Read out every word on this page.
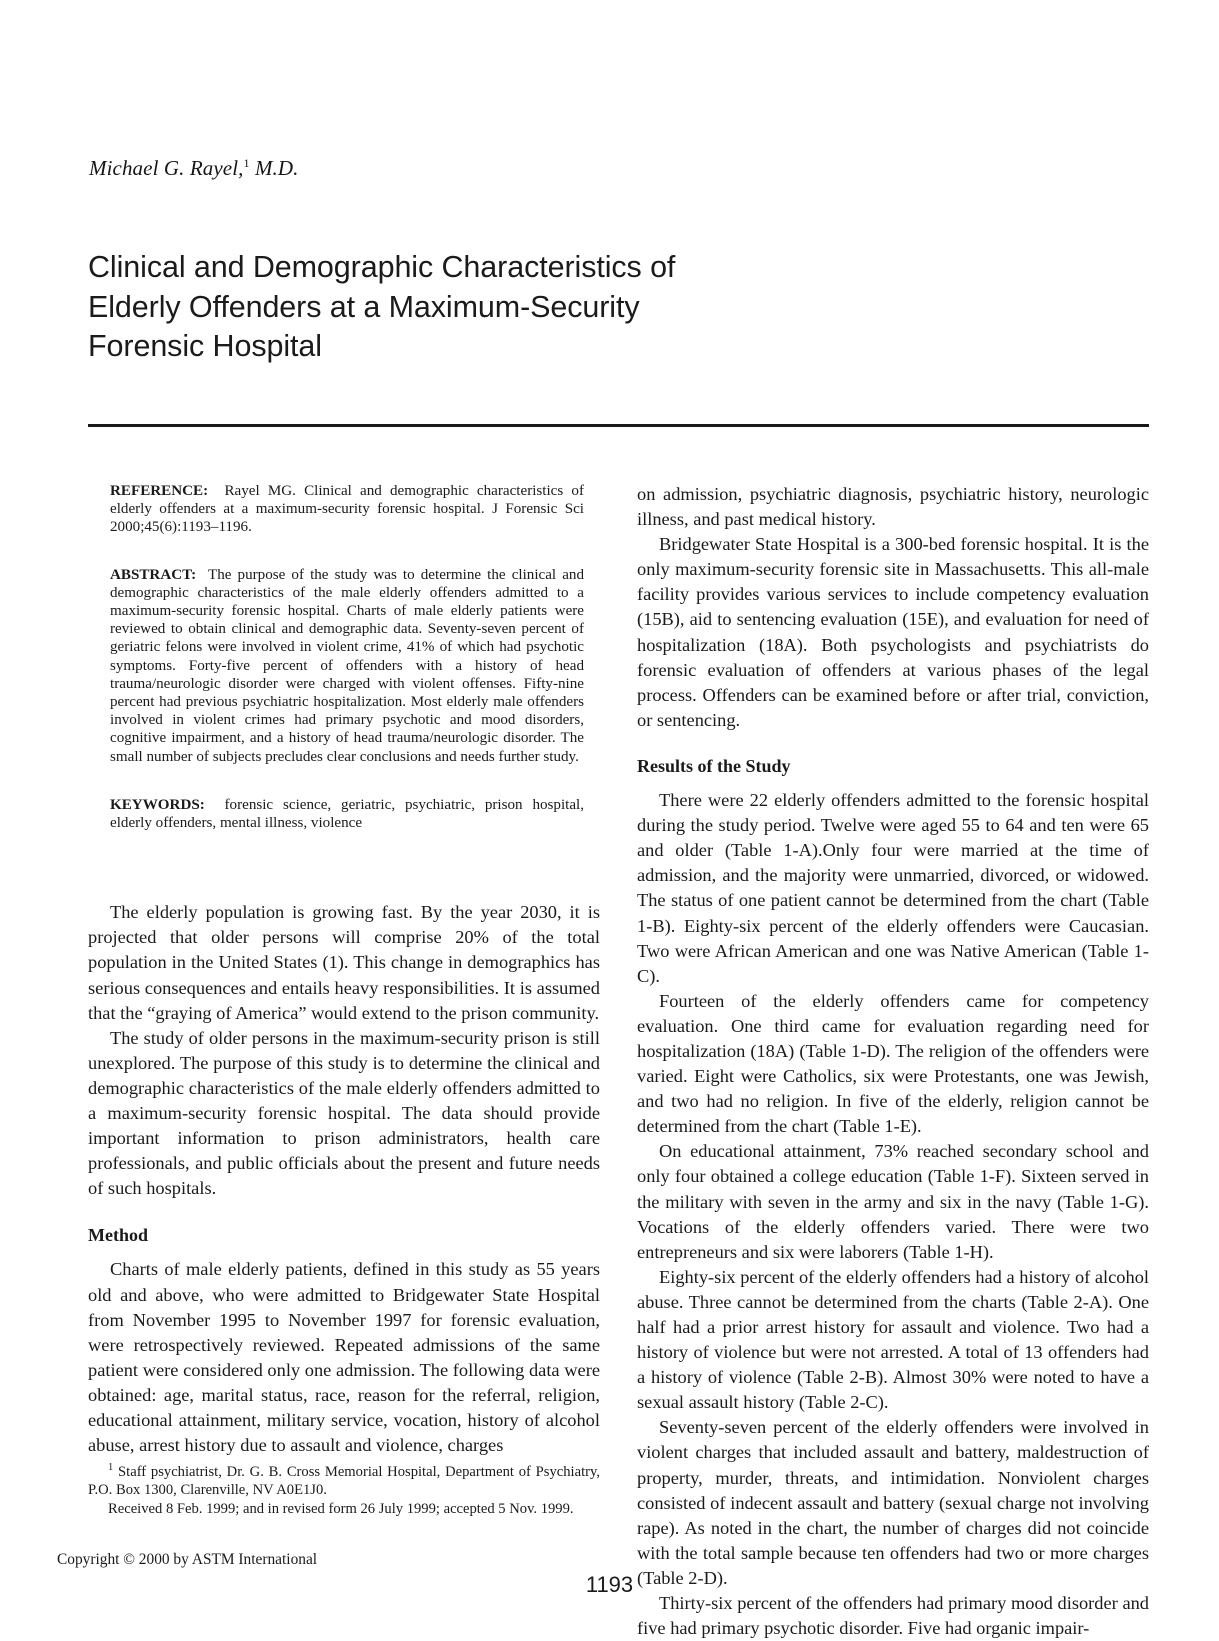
Michael G. Rayel,$^1$ M.D.
Clinical and Demographic Characteristics of
Elderly Offenders at a Maximum-Security
Forensic Hospital

REFERENCE: Rayel MG. Clinical and demographic characteristics of elderly offenders at a maximum-security forensic hospital. J Forensic Sci 2000;45(6):1193–1196.

ABSTRACT: The purpose of the study was to determine the clinical and demographic characteristics of the male elderly offenders admitted to a maximum-security forensic hospital. Charts of male elderly patients were reviewed to obtain clinical and demographic data. Seventy-seven percent of geriatric felons were involved in violent crime, 41% of which had psychotic symptoms. Forty-five percent of offenders with a history of head trauma/neurologic disorder were charged with violent offenses. Fifty-nine percent had previous psychiatric hospitalization. Most elderly male offenders involved in violent crimes had primary psychotic and mood disorders, cognitive impairment, and a history of head trauma/neurologic disorder. The small number of subjects precludes clear conclusions and needs further study.

KEYWORDS: forensic science, geriatric, psychiatric, prison hospital, elderly offenders, mental illness, violence

The elderly population is growing fast. By the year 2030, it is projected that older persons will comprise 20% of the total population in the United States (1). This change in demographics has serious consequences and entails heavy responsibilities. It is assumed that the “graying of America” would extend to the prison community.

The study of older persons in the maximum-security prison is still unexplored. The purpose of this study is to determine the clinical and demographic characteristics of the male elderly offenders admitted to a maximum-security forensic hospital. The data should provide important information to prison administrators, health care professionals, and public officials about the present and future needs of such hospitals.

Method

Charts of male elderly patients, defined in this study as 55 years old and above, who were admitted to Bridgewater State Hospital from November 1995 to November 1997 for forensic evaluation, were retrospectively reviewed. Repeated admissions of the same patient were considered only one admission. The following data were obtained: age, marital status, race, reason for the referral, religion, educational attainment, military service, vocation, history of alcohol abuse, arrest history due to assault and violence, charges

on admission, psychiatric diagnosis, psychiatric history, neurologic illness, and past medical history.

Bridgewater State Hospital is a 300-bed forensic hospital. It is the only maximum-security forensic site in Massachusetts. This all-male facility provides various services to include competency evaluation (15B), aid to sentencing evaluation (15E), and evaluation for need of hospitalization (18A). Both psychologists and psychiatrists do forensic evaluation of offenders at various phases of the legal process. Offenders can be examined before or after trial, conviction, or sentencing.

Results of the Study

There were 22 elderly offenders admitted to the forensic hospital during the study period. Twelve were aged 55 to 64 and ten were 65 and older (Table 1-A).Only four were married at the time of admission, and the majority were unmarried, divorced, or widowed. The status of one patient cannot be determined from the chart (Table 1-B). Eighty-six percent of the elderly offenders were Caucasian. Two were African American and one was Native American (Table 1-C).

Fourteen of the elderly offenders came for competency evaluation. One third came for evaluation regarding need for hospitalization (18A) (Table 1-D). The religion of the offenders were varied. Eight were Catholics, six were Protestants, one was Jewish, and two had no religion. In five of the elderly, religion cannot be determined from the chart (Table 1-E).

On educational attainment, 73% reached secondary school and only four obtained a college education (Table 1-F). Sixteen served in the military with seven in the army and six in the navy (Table 1-G). Vocations of the elderly offenders varied. There were two entrepreneurs and six were laborers (Table 1-H).

Eighty-six percent of the elderly offenders had a history of alcohol abuse. Three cannot be determined from the charts (Table 2-A). One half had a prior arrest history for assault and violence. Two had a history of violence but were not arrested. A total of 13 offenders had a history of violence (Table 2-B). Almost 30% were noted to have a sexual assault history (Table 2-C).

Seventy-seven percent of the elderly offenders were involved in violent charges that included assault and battery, maldestruction of property, murder, threats, and intimidation. Nonviolent charges consisted of indecent assault and battery (sexual charge not involving rape). As noted in the chart, the number of charges did not coincide with the total sample because ten offenders had two or more charges (Table 2-D).

Thirty-six percent of the offenders had primary mood disorder and five had primary psychotic disorder. Five had organic impair-

$^1$ Staff psychiatrist, Dr. G. B. Cross Memorial Hospital, Department of Psychiatry, P.O. Box 1300, Clarenville, NV A0E1J0.

Received 8 Feb. 1999; and in revised form 26 July 1999; accepted 5 Nov. 1999.

Copyright © 2000 by ASTM International
1193
